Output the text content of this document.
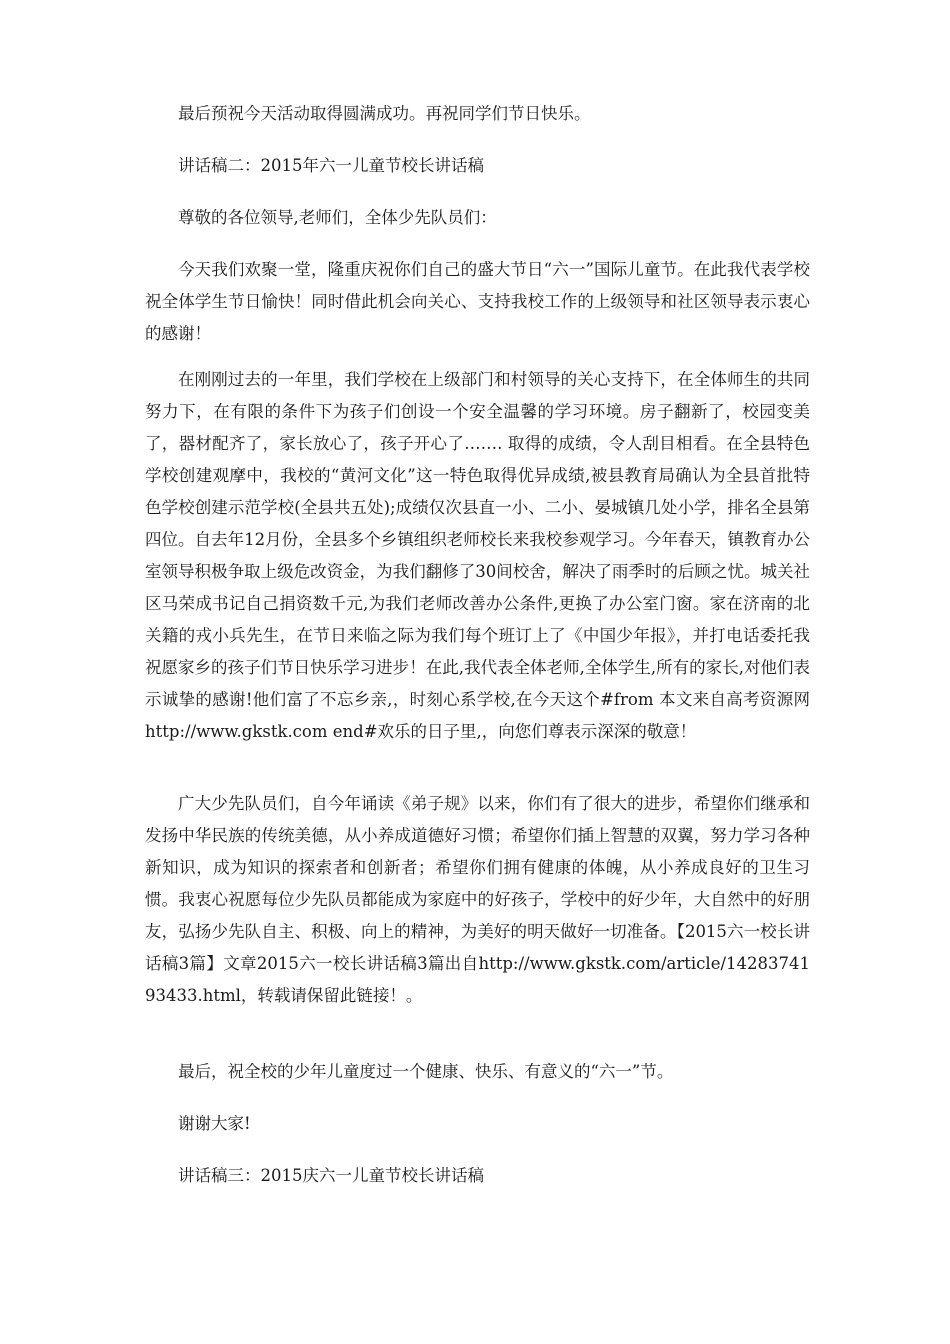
最后预祝今天活动取得圆满成功。再祝同学们节日快乐。

讲话稿二：2015年六一儿童节校长讲话稿

尊敬的各位领导,老师们，全体少先队员们：

今天我们欢聚一堂，隆重庆祝你们自己的盛大节日“六一”国际儿童节。在此我代表学校祝全体学生节日愉快！同时借此机会向关心、支持我校工作的上级领导和社区领导表示衷心的感谢！

在刚刚过去的一年里，我们学校在上级部门和村领导的关心支持下，在全体师生的共同努力下，在有限的条件下为孩子们创设一个安全温馨的学习环境。房子翻新了，校园变美了，器材配齐了，家长放心了，孩子开心了……. 取得的成绩，令人刮目相看。在全县特色学校创建观摩中，我校的“黄河文化”这一特色取得优异成绩,被县教育局确认为全县首批特色学校创建示范学校(全县共五处);成绩仅次县直一小、二小、晏城镇几处小学，排名全县第四位。自去年12月份，全县多个乡镇组织老师校长来我校参观学习。今年春天，镇教育办公室领导积极争取上级危改资金，为我们翻修了30间校舍，解决了雨季时的后顾之忧。城关社区马荣成书记自己捐资数千元,为我们老师改善办公条件,更换了办公室门窗。家在济南的北关籍的戎小兵先生，在节日来临之际为我们每个班订上了《中国少年报》，并打电话委托我祝愿家乡的孩子们节日快乐学习进步！在此,我代表全体老师,全体学生,所有的家长,对他们表示诚挚的感谢!他们富了不忘乡亲,，时刻心系学校,在今天这个#from 本文来自高考资源网 http://www.gkstk.com end#欢乐的日子里,，向您们尊表示深深的敬意！

广大少先队员们，自今年诵读《弟子规》以来，你们有了很大的进步，希望你们继承和发扬中华民族的传统美德，从小养成道德好习惯；希望你们插上智慧的双翼，努力学习各种新知识，成为知识的探索者和创新者；希望你们拥有健康的体魄，从小养成良好的卫生习惯。我衷心祝愿每位少先队员都能成为家庭中的好孩子，学校中的好少年，大自然中的好朋友，弘扬少先队自主、积极、向上的精神，为美好的明天做好一切准备。【2015六一校长讲话稿3篇】文章2015六一校长讲话稿3篇出自http://www.gkstk.com/article/1428374193433.html，转载请保留此链接！。

最后，祝全校的少年儿童度过一个健康、快乐、有意义的“六一”节。

谢谢大家!

讲话稿三：2015庆六一儿童节校长讲话稿
